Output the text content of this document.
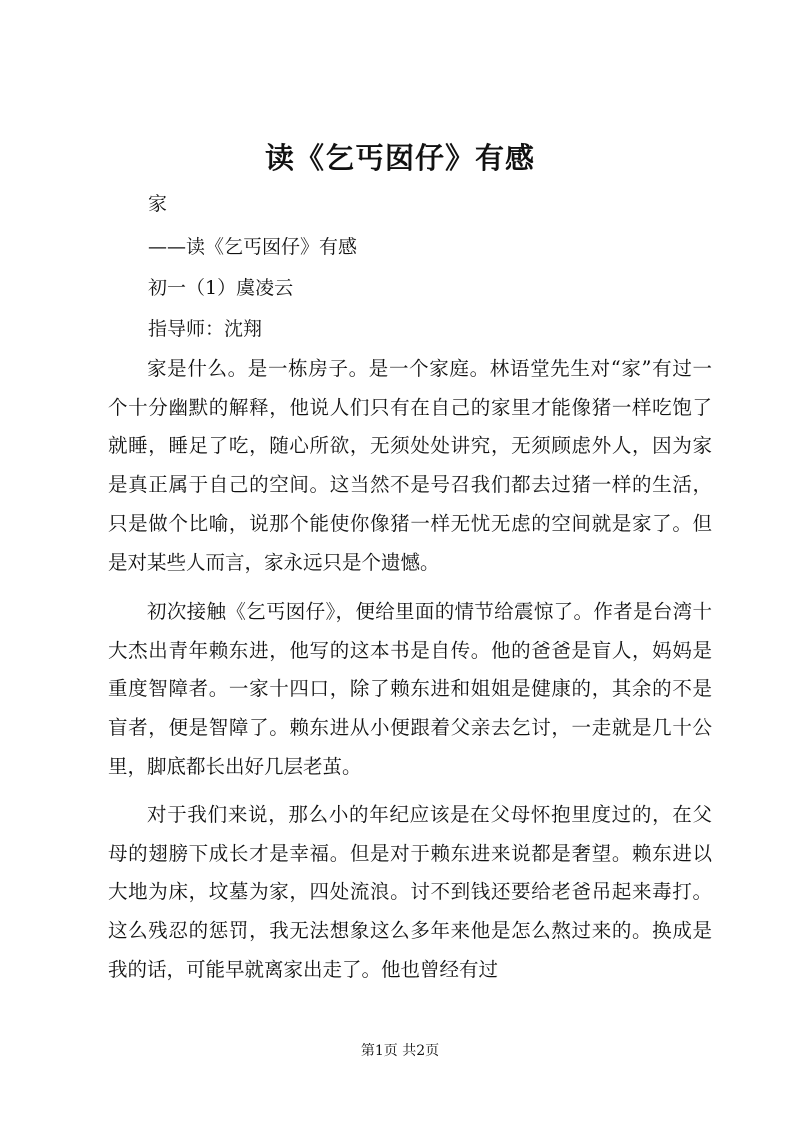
读《乞丐囡仔》有感
家
——读《乞丐囡仔》有感
初一（1）虞凌云
指导师：沈翔

家是什么。是一栋房子。是一个家庭。林语堂先生对“家”有过一个十分幽默的解释，他说人们只有在自己的家里才能像猪一样吃饱了就睡，睡足了吃，随心所欲，无须处处讲究，无须顾虑外人，因为家是真正属于自己的空间。这当然不是号召我们都去过猪一样的生活，只是做个比喻，说那个能使你像猪一样无忧无虑的空间就是家了。但是对某些人而言，家永远只是个遗憾。

初次接触《乞丐囡仔》，便给里面的情节给震惊了。作者是台湾十大杰出青年赖东进，他写的这本书是自传。他的爸爸是盲人，妈妈是重度智障者。一家十四口，除了赖东进和姐姐是健康的，其余的不是盲者，便是智障了。赖东进从小便跟着父亲去乞讨，一走就是几十公里，脚底都长出好几层老茧。

对于我们来说，那么小的年纪应该是在父母怀抱里度过的，在父母的翅膀下成长才是幸福。但是对于赖东进来说都是奢望。赖东进以大地为床，坟墓为家，四处流浪。讨不到钱还要给老爸吊起来毒打。这么残忍的惩罚，我无法想象这么多年来他是怎么熬过来的。换成是我的话，可能早就离家出走了。他也曾经有过

第1页 共2页
